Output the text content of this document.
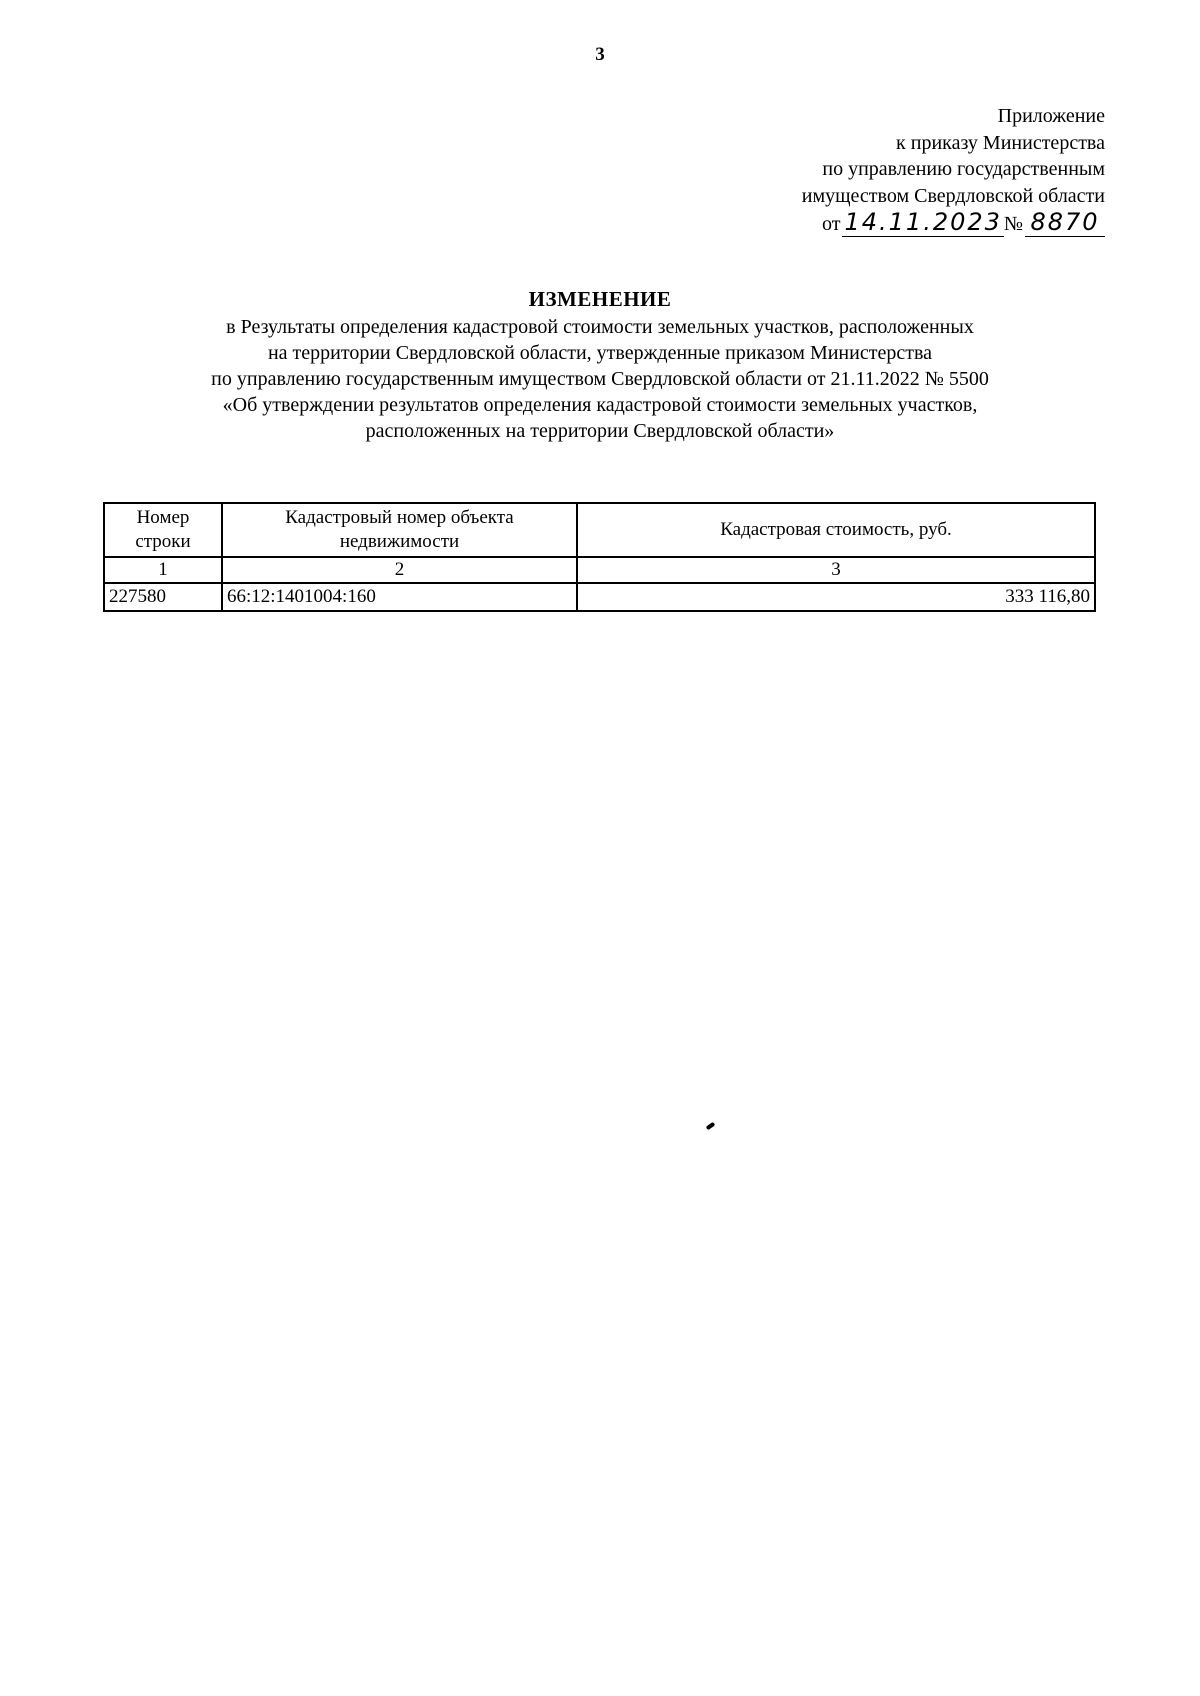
3
Приложение
к приказу Министерства
по управлению государственным
имуществом Свердловской области
от 14.11.2023 № 8870
ИЗМЕНЕНИЕ
в Результаты определения кадастровой стоимости земельных участков, расположенных
на территории Свердловской области, утвержденные приказом Министерства
по управлению государственным имуществом Свердловской области от 21.11.2022 № 5500
«Об утверждении результатов определения кадастровой стоимости земельных участков,
расположенных на территории Свердловской области»
Номер строки	Кадастровый номер объекта недвижимости	Кадастровая стоимость, руб.
1	2	3
227580	66:12:1401004:160	333 116,80
